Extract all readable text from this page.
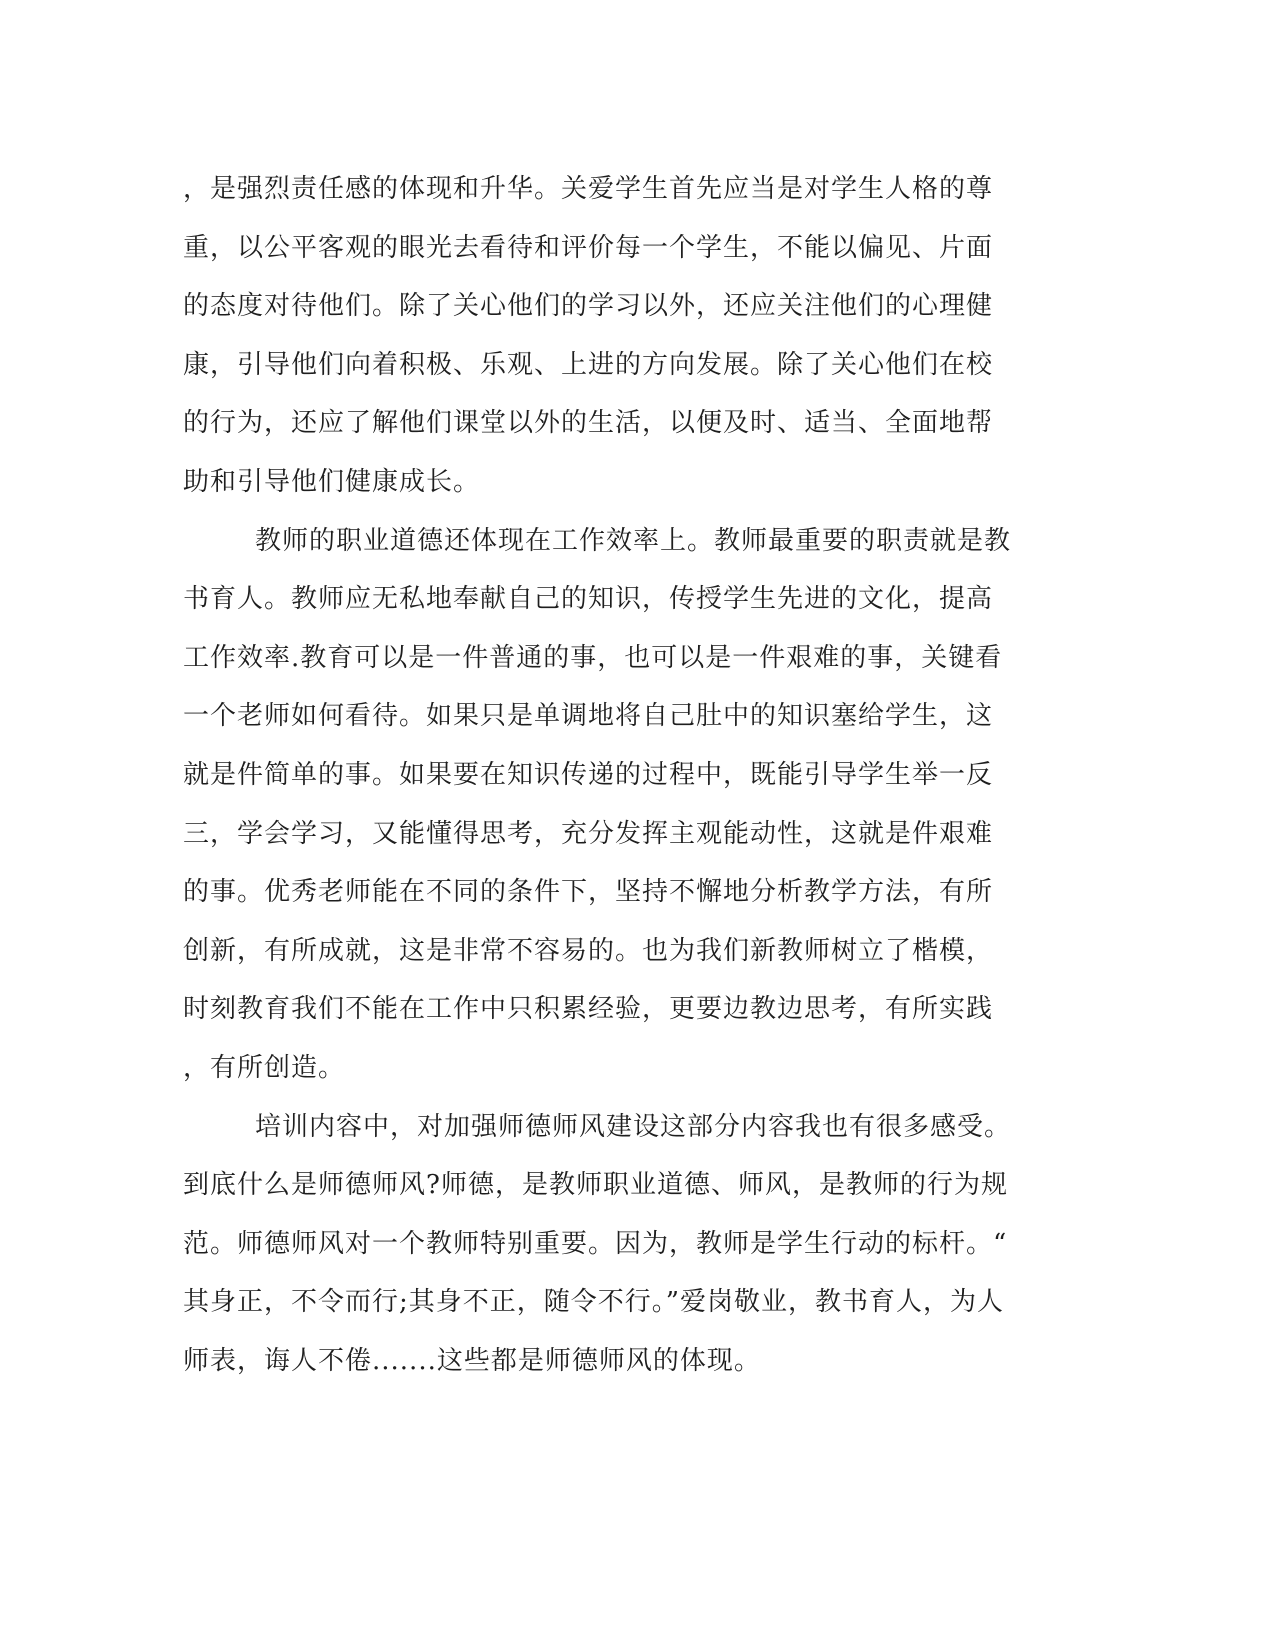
，是强烈责任感的体现和升华。关爱学生首先应当是对学生人格的尊
重，以公平客观的眼光去看待和评价每一个学生，不能以偏见、片面
的态度对待他们。除了关心他们的学习以外，还应关注他们的心理健
康，引导他们向着积极、乐观、上进的方向发展。除了关心他们在校
的行为，还应了解他们课堂以外的生活，以便及时、适当、全面地帮
助和引导他们健康成长。
教师的职业道德还体现在工作效率上。教师最重要的职责就是教
书育人。教师应无私地奉献自己的知识，传授学生先进的文化，提高
工作效率.教育可以是一件普通的事，也可以是一件艰难的事，关键看
一个老师如何看待。如果只是单调地将自己肚中的知识塞给学生，这
就是件简单的事。如果要在知识传递的过程中，既能引导学生举一反
三，学会学习，又能懂得思考，充分发挥主观能动性，这就是件艰难
的事。优秀老师能在不同的条件下，坚持不懈地分析教学方法，有所
创新，有所成就，这是非常不容易的。也为我们新教师树立了楷模，
时刻教育我们不能在工作中只积累经验，更要边教边思考，有所实践
，有所创造。
培训内容中，对加强师德师风建设这部分内容我也有很多感受。
到底什么是师德师风?师德，是教师职业道德、师风，是教师的行为规
范。师德师风对一个教师特别重要。因为，教师是学生行动的标杆。“
其身正，不令而行;其身不正，随令不行。”爱岗敬业，教书育人，为人
师表，诲人不倦.......这些都是师德师风的体现。
